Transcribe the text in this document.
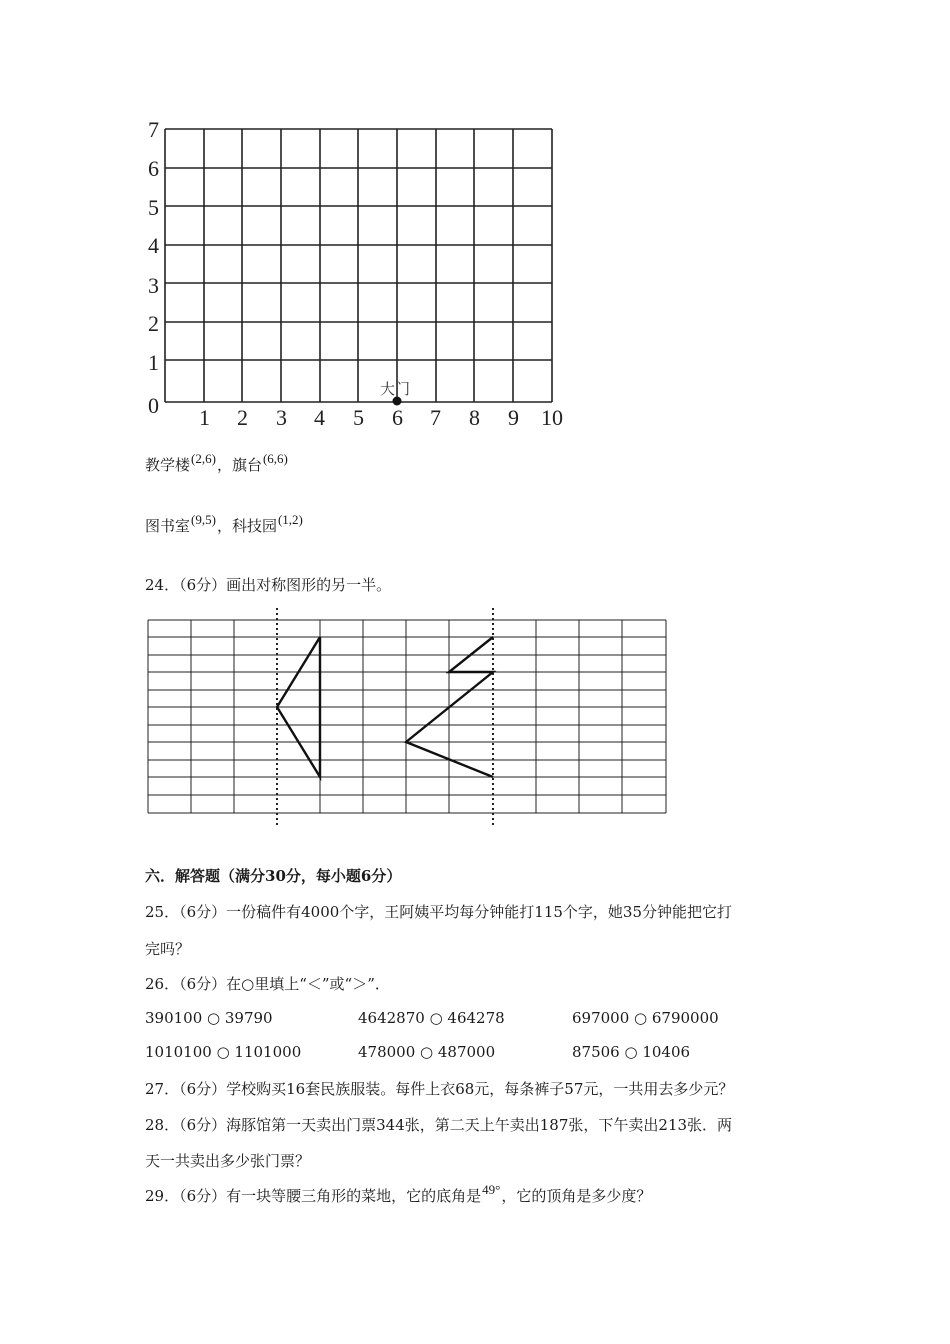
0
1
2
3
4
5
6
7
1 2 3 4 5 6 7 8 9 10
大门
教学楼(2,6)，旗台(6,6)
图书室(9,5)，科技园(1,2)
24．（6分）画出对称图形的另一半。
六．解答题（满分30分，每小题6分）
25．（6分）一份稿件有4000个字，王阿姨平均每分钟能打115个字，她35分钟能把它打
完吗？
26．（6分）在○里填上“＜”或“＞”．
390100 ○ 39790	4642870 ○ 464278	697000 ○ 6790000
1010100 ○ 1101000	478000 ○ 487000	87506 ○ 10406
27．（6分）学校购买16套民族服装。每件上衣68元，每条裤子57元，一共用去多少元？
28．（6分）海豚馆第一天卖出门票344张，第二天上午卖出187张，下午卖出213张．两
天一共卖出多少张门票？
29．（6分）有一块等腰三角形的菜地，它的底角是49°，它的顶角是多少度？
